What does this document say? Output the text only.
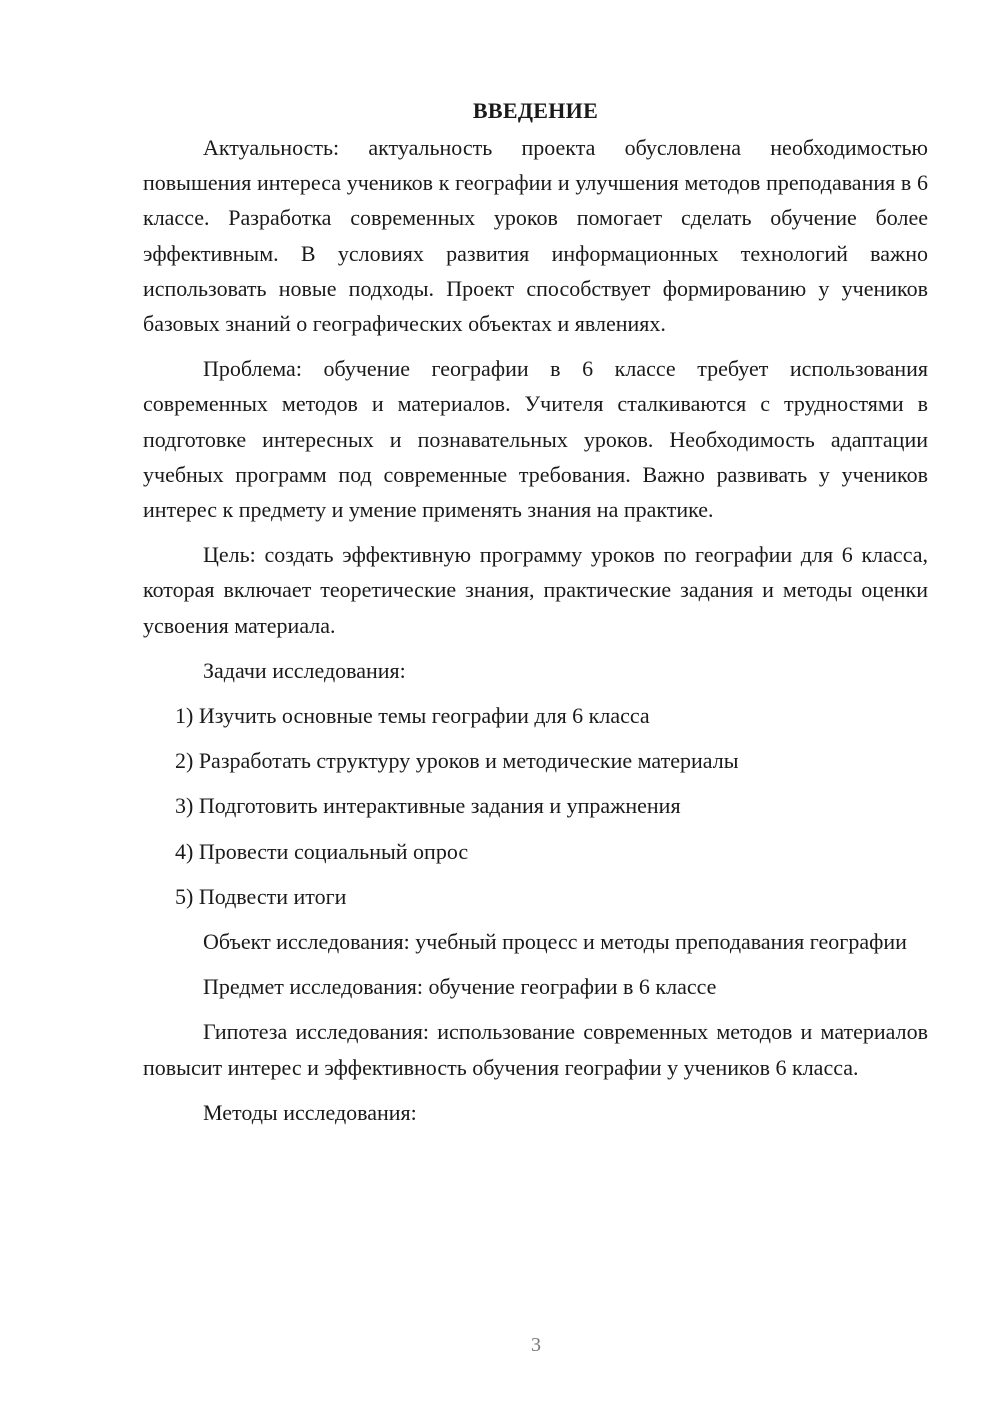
ВВЕДЕНИЕ

Актуальность: актуальность проекта обусловлена необходимостью повышения интереса учеников к географии и улучшения методов преподавания в 6 классе. Разработка современных уроков помогает сделать обучение более эффективным. В условиях развития информационных технологий важно использовать новые подходы. Проект способствует формированию у учеников базовых знаний о географических объектах и явлениях.

Проблема: обучение географии в 6 классе требует использования современных методов и материалов. Учителя сталкиваются с трудностями в подготовке интересных и познавательных уроков. Необходимость адаптации учебных программ под современные требования. Важно развивать у учеников интерес к предмету и умение применять знания на практике.

Цель: создать эффективную программу уроков по географии для 6 класса, которая включает теоретические знания, практические задания и методы оценки усвоения материала.

Задачи исследования:

1) Изучить основные темы географии для 6 класса
2) Разработать структуру уроков и методические материалы
3) Подготовить интерактивные задания и упражнения
4) Провести социальный опрос
5) Подвести итоги

Объект исследования: учебный процесс и методы преподавания географии

Предмет исследования: обучение географии в 6 классе

Гипотеза исследования: использование современных методов и материалов повысит интерес и эффективность обучения географии у учеников 6 класса.

Методы исследования:

3
